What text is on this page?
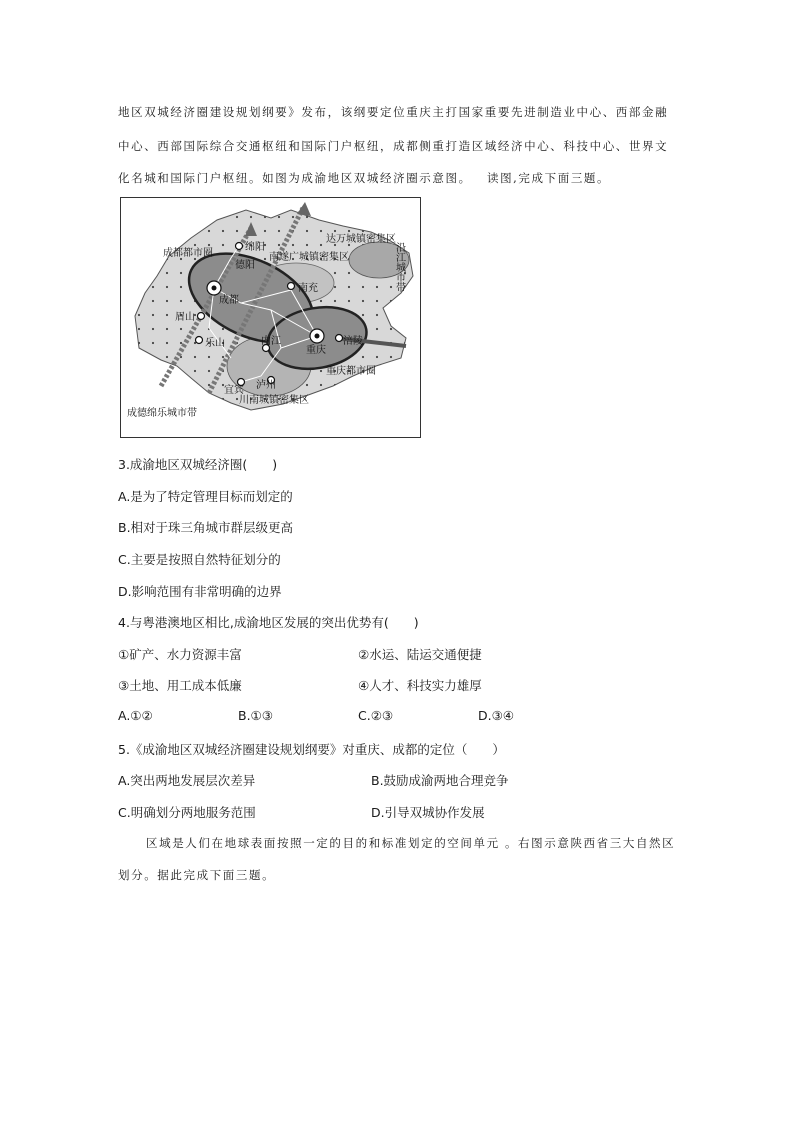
地区双城经济圈建设规划纲要》发布，该纲要定位重庆主打国家重要先进制造业中心、西部金融
中心、西部国际综合交通枢纽和国际门户枢纽，成都侧重打造区域经济中心、科技中心、世界文
化名城和国际门户枢纽。如图为成渝地区双城经济圈示意图。 读图,完成下面三题。
成都都市圈
绵阳
德阳
南遂广城镇密集区
达万城镇密集区
南充
成都
眉山
乐山	内江
重庆
涪陵
重庆都市圈
宜宾 泸州
川南城镇密集区
成德绵乐城市带
沿江城市带
3.成渝地区双城经济圈(　　)
A.是为了特定管理目标而划定的
B.相对于珠三角城市群层级更高
C.主要是按照自然特征划分的
D.影响范围有非常明确的边界
4.与粤港澳地区相比,成渝地区发展的突出优势有(　　)
①矿产、水力资源丰富	②水运、陆运交通便捷
③土地、用工成本低廉	④人才、科技实力雄厚
A.①②	B.①③	C.②③	D.③④
5.《成渝地区双城经济圈建设规划纲要》对重庆、成都的定位（　　）
A.突出两地发展层次差异	B.鼓励成渝两地合理竞争
C.明确划分两地服务范围	D.引导双城协作发展
区域是人们在地球表面按照一定的目的和标准划定的空间单元 。右图示意陕西省三大自然区
划分。据此完成下面三题。
